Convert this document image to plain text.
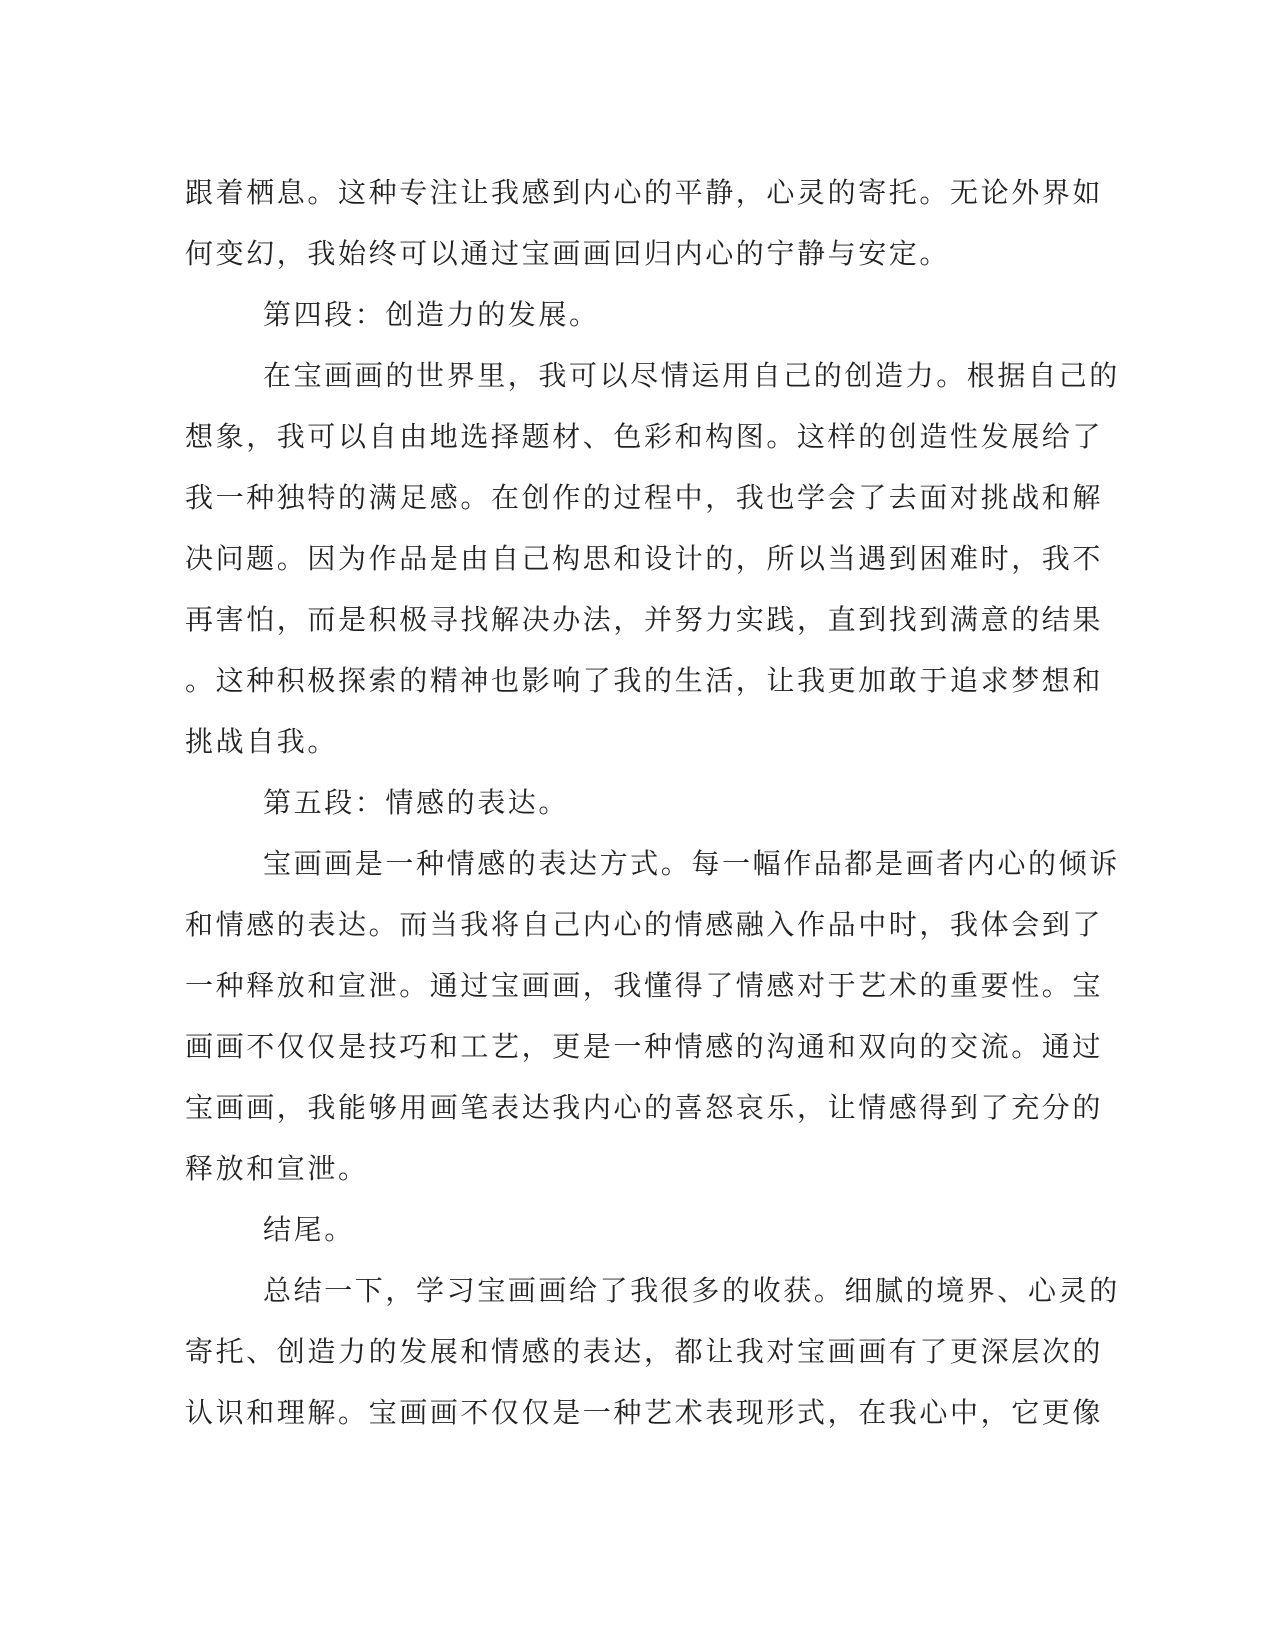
跟着栖息。这种专注让我感到内心的平静，心灵的寄托。无论外界如
何变幻，我始终可以通过宝画画回归内心的宁静与安定。
第四段：创造力的发展。
在宝画画的世界里，我可以尽情运用自己的创造力。根据自己的
想象，我可以自由地选择题材、色彩和构图。这样的创造性发展给了
我一种独特的满足感。在创作的过程中，我也学会了去面对挑战和解
决问题。因为作品是由自己构思和设计的，所以当遇到困难时，我不
再害怕，而是积极寻找解决办法，并努力实践，直到找到满意的结果
。这种积极探索的精神也影响了我的生活，让我更加敢于追求梦想和
挑战自我。
第五段：情感的表达。
宝画画是一种情感的表达方式。每一幅作品都是画者内心的倾诉
和情感的表达。而当我将自己内心的情感融入作品中时，我体会到了
一种释放和宣泄。通过宝画画，我懂得了情感对于艺术的重要性。宝
画画不仅仅是技巧和工艺，更是一种情感的沟通和双向的交流。通过
宝画画，我能够用画笔表达我内心的喜怒哀乐，让情感得到了充分的
释放和宣泄。
结尾。
总结一下，学习宝画画给了我很多的收获。细腻的境界、心灵的
寄托、创造力的发展和情感的表达，都让我对宝画画有了更深层次的
认识和理解。宝画画不仅仅是一种艺术表现形式，在我心中，它更像
